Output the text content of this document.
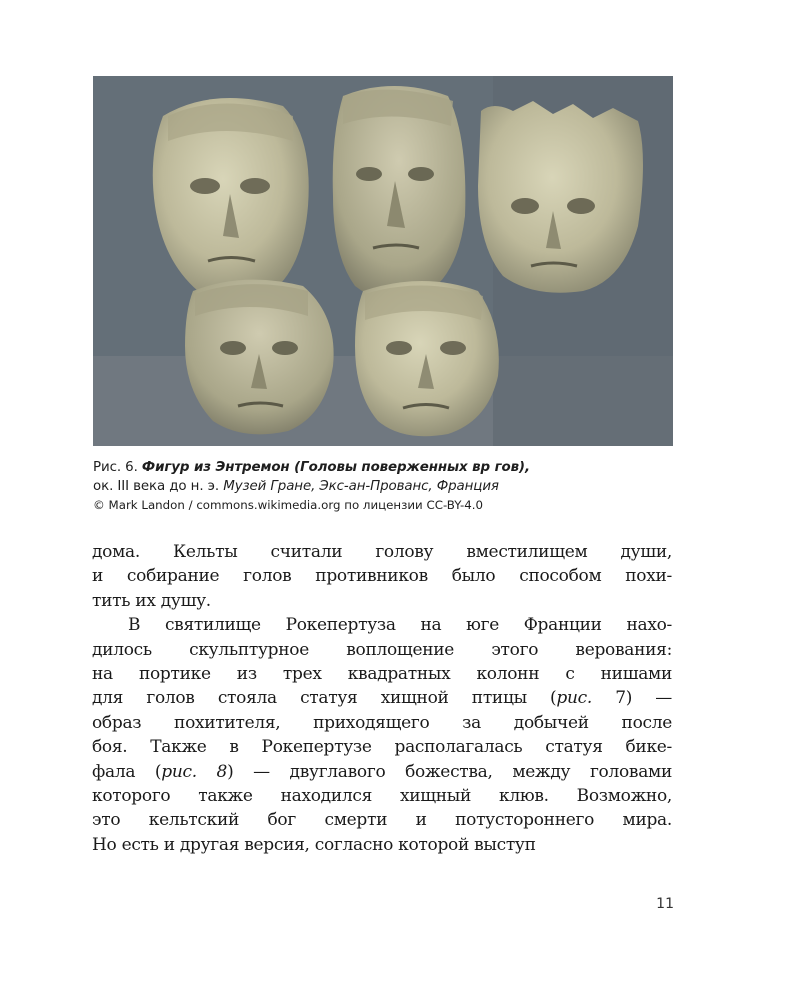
Рис. 6. Фигур из Энтремон (Головы поверженных вр гов),
ок. III века до н. э. Музей Гране, Экс-ан-Прованс, Франция
© Mark Landon / commons.wikimedia.org по лицензии CC-BY-4.0
дома. Кельты считали голову вместилищем души,
и собирание голов противников было способом похи-
тить их душу.
В святилище Рокепертуза на юге Франции нахо-
дилось скульптурное воплощение этого верования:
на портике из трех квадратных колонн с нишами
для голов стояла статуя хищной птицы (рис. 7) —
образ похитителя, приходящего за добычей после
боя. Также в Рокепертузе располагалась статуя бике-
фала (рис. 8) — двуглавого божества, между головами
которого также находился хищный клюв. Возможно,
это кельтский бог смерти и потустороннего мира.
Но есть и другая версия, согласно которой выступ
11
